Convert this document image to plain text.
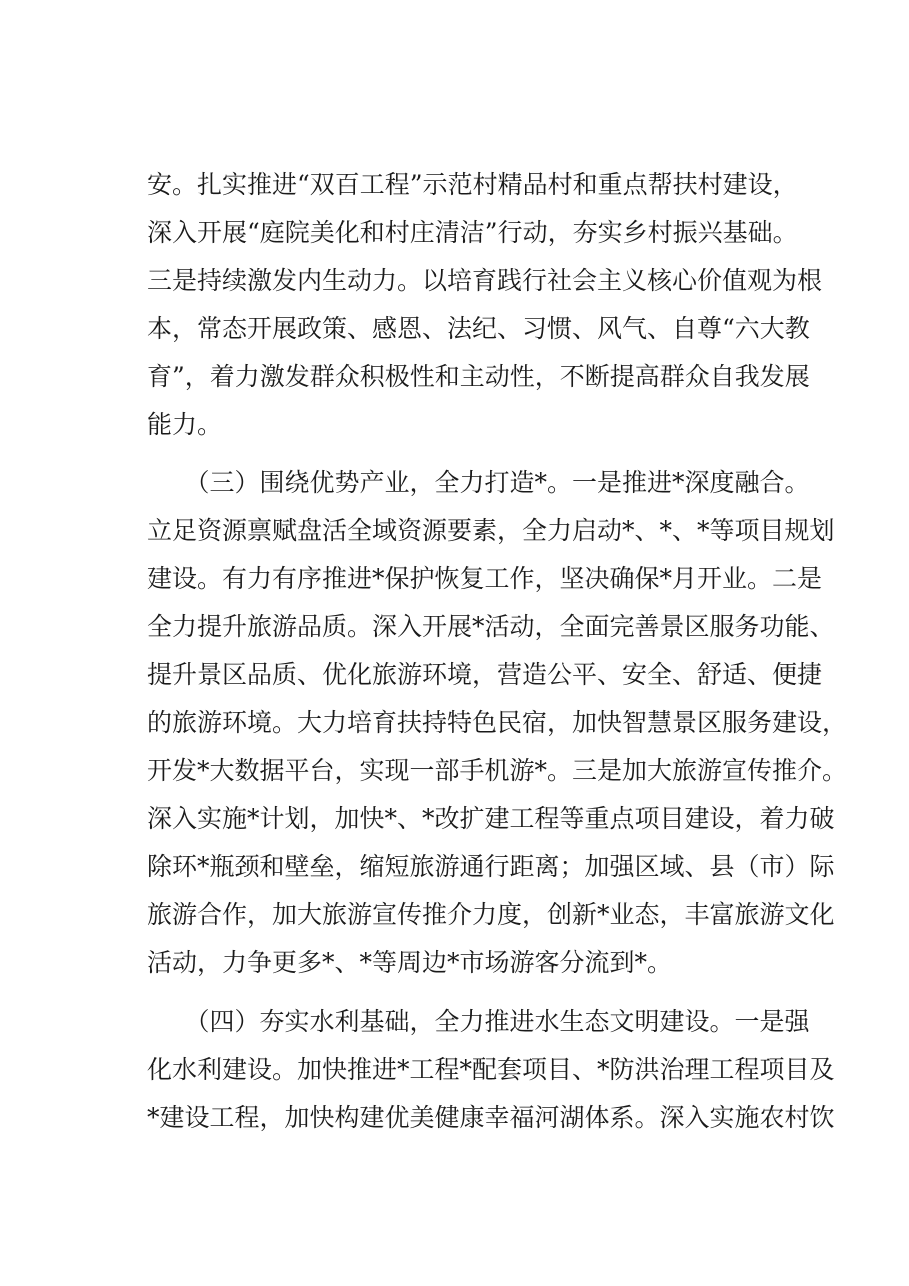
安。扎实推进“双百工程”示范村精品村和重点帮扶村建设，

深入开展“庭院美化和村庄清洁”行动，夯实乡村振兴基础。

三是持续激发内生动力。以培育践行社会主义核心价值观为根

本，常态开展政策、感恩、法纪、习惯、风气、自尊“六大教

育”，着力激发群众积极性和主动性，不断提高群众自我发展

能力。

　　（三）围绕优势产业，全力打造*。一是推进*深度融合。

立足资源禀赋盘活全域资源要素，全力启动*、*、*等项目规划

建设。有力有序推进*保护恢复工作，坚决确保*月开业。二是

全力提升旅游品质。深入开展*活动，全面完善景区服务功能、

提升景区品质、优化旅游环境，营造公平、安全、舒适、便捷

的旅游环境。大力培育扶持特色民宿，加快智慧景区服务建设，

开发*大数据平台，实现一部手机游*。三是加大旅游宣传推介。

深入实施*计划，加快*、*改扩建工程等重点项目建设，着力破

除环*瓶颈和壁垒，缩短旅游通行距离；加强区域、县（市）际

旅游合作，加大旅游宣传推介力度，创新*业态，丰富旅游文化

活动，力争更多*、*等周边*市场游客分流到*。

　　（四）夯实水利基础，全力推进水生态文明建设。一是强

化水利建设。加快推进*工程*配套项目、*防洪治理工程项目及

*建设工程，加快构建优美健康幸福河湖体系。深入实施农村饮
